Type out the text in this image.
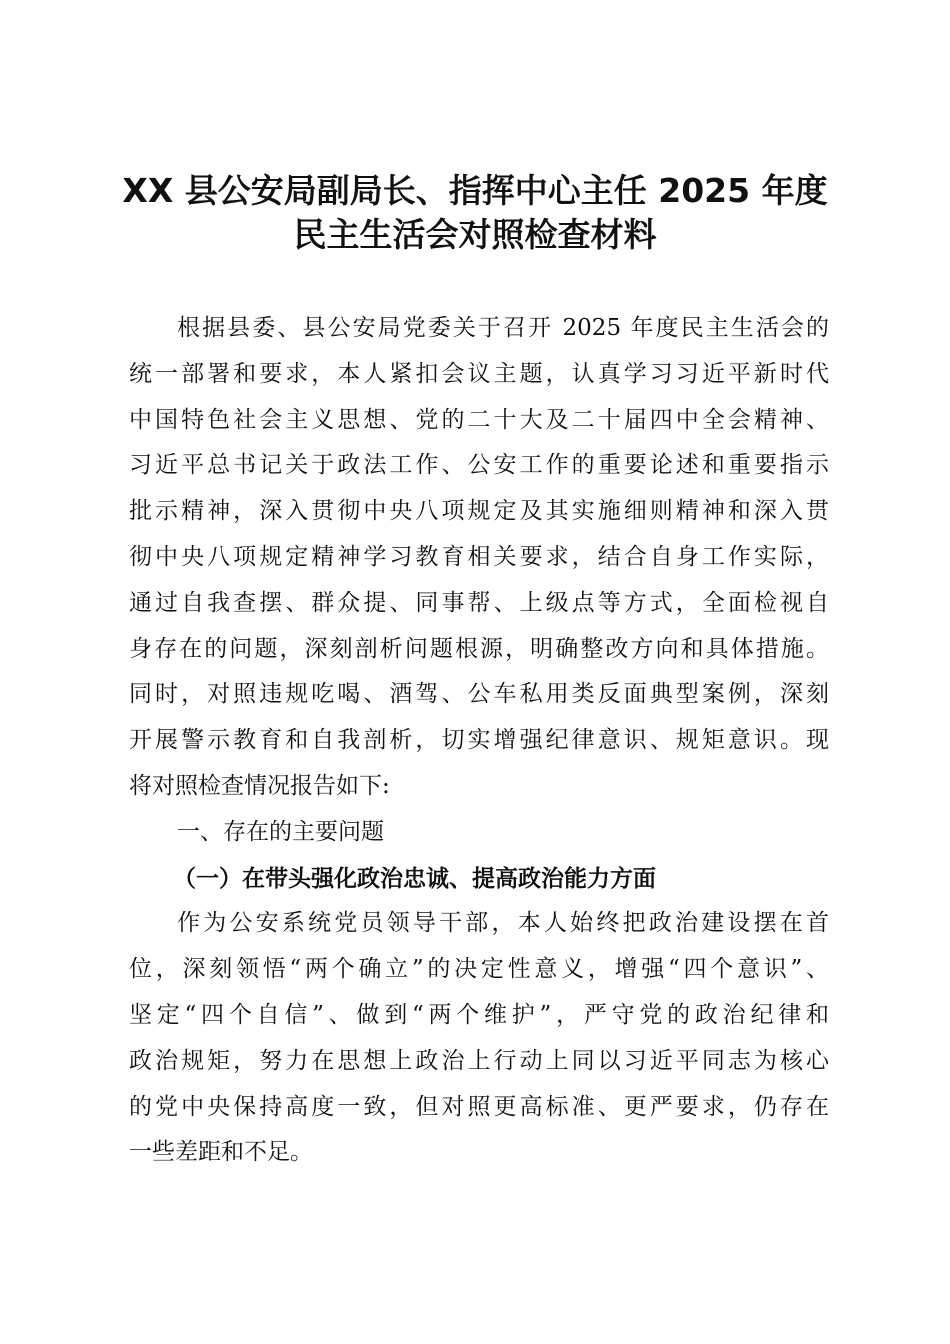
XX 县公安局副局长、指挥中心主任 2025 年度
民主生活会对照检查材料
根据县委、县公安局党委关于召开 2025 年度民主生活会的
统一部署和要求，本人紧扣会议主题，认真学习习近平新时代
中国特色社会主义思想、党的二十大及二十届四中全会精神、
习近平总书记关于政法工作、公安工作的重要论述和重要指示
批示精神，深入贯彻中央八项规定及其实施细则精神和深入贯
彻中央八项规定精神学习教育相关要求，结合自身工作实际，
通过自我查摆、群众提、同事帮、上级点等方式，全面检视自
身存在的问题，深刻剖析问题根源，明确整改方向和具体措施。
同时，对照违规吃喝、酒驾、公车私用类反面典型案例，深刻
开展警示教育和自我剖析，切实增强纪律意识、规矩意识。现
将对照检查情况报告如下:
一、存在的主要问题
（一）在带头强化政治忠诚、提高政治能力方面
作为公安系统党员领导干部，本人始终把政治建设摆在首
位，深刻领悟“两个确立”的决定性意义，增强“四个意识”、
坚定“四个自信”、做到“两个维护”，严守党的政治纪律和
政治规矩，努力在思想上政治上行动上同以习近平同志为核心
的党中央保持高度一致，但对照更高标准、更严要求，仍存在
一些差距和不足。
